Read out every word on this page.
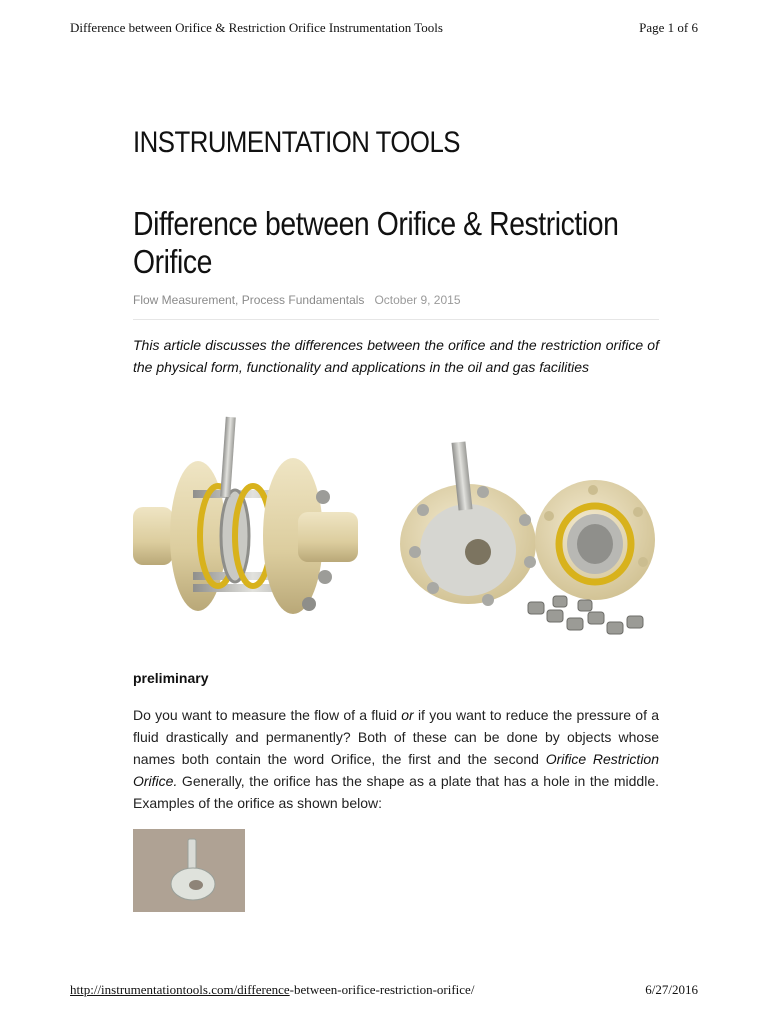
Difference between Orifice & Restriction Orifice Instrumentation Tools	Page 1 of 6
INSTRUMENTATION TOOLS
Difference between Orifice & Restriction Orifice
Flow Measurement, Process Fundamentals October 9, 2015
This article discusses the differences between the orifice and the restriction orifice of the physical form, functionality and applications in the oil and gas facilities
preliminary
Do you want to measure the flow of a fluid or if you want to reduce the pressure of a fluid drastically and permanently? Both of these can be done by objects whose names both contain the word Orifice, the first and the second Orifice Restriction Orifice. Generally, the orifice has the shape as a plate that has a hole in the middle. Examples of the orifice as shown below:
http://instrumentationtools.com/difference-between-orifice-restriction-orifice/	6/27/2016
